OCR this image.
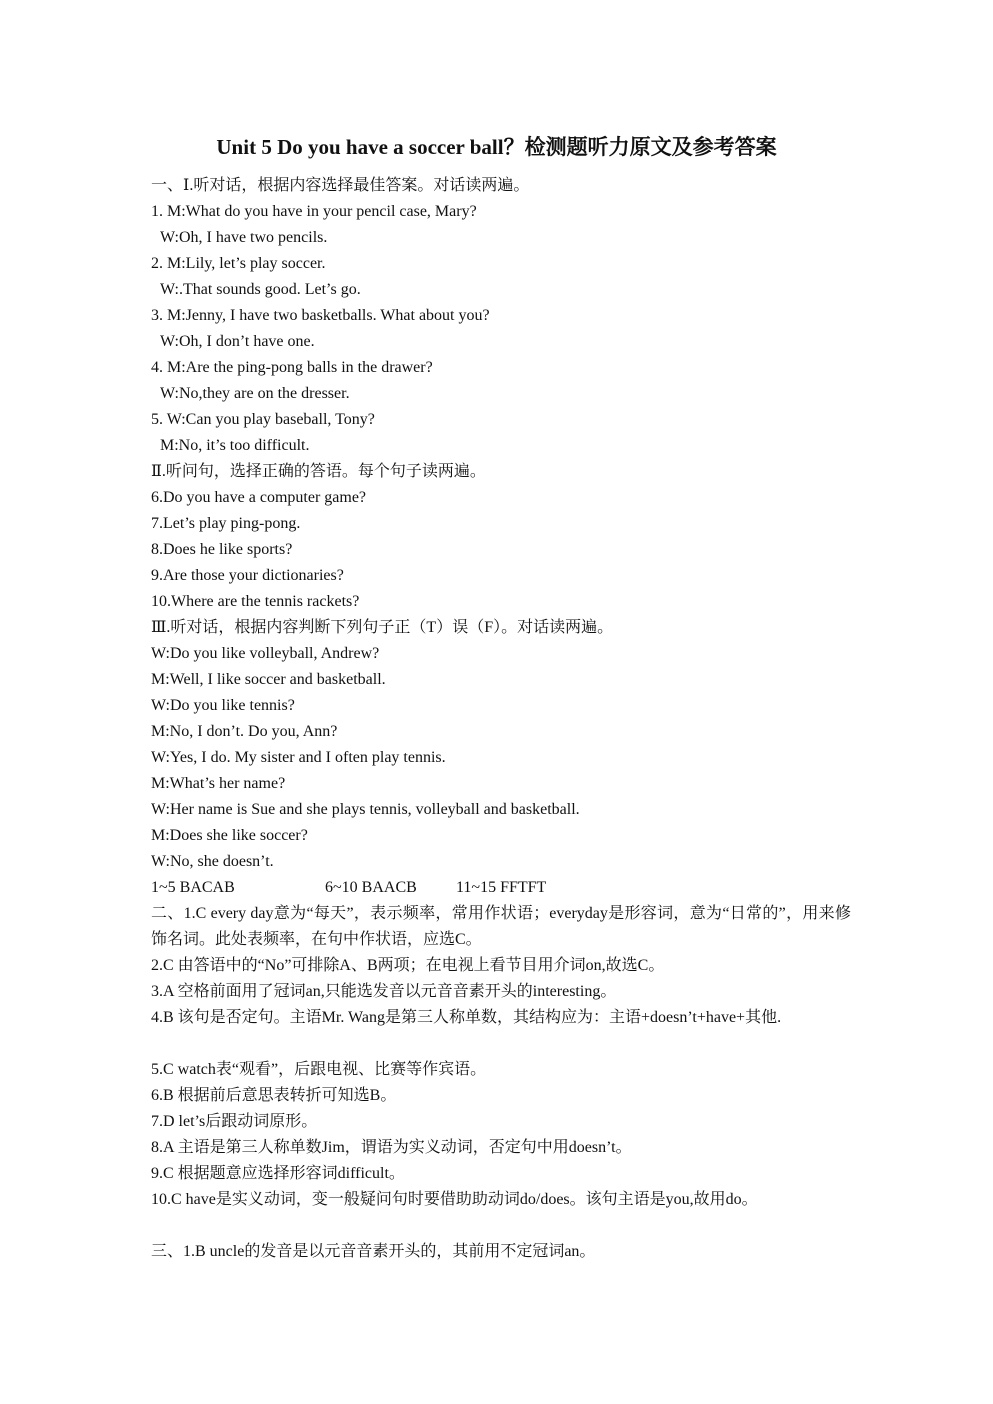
Unit 5 Do you have a soccer ball？检测题听力原文及参考答案
一、Ⅰ.听对话，根据内容选择最佳答案。对话读两遍。
1. M:What do you have in your pencil case, Mary?
W:Oh, I have two pencils.
2. M:Lily, let’s play soccer.
W:.That sounds good. Let’s go.
3. M:Jenny, I have two basketballs. What about you?
W:Oh, I don’t have one.
4. M:Are the ping-pong balls in the drawer?
W:No,they are on the dresser.
5. W:Can you play baseball, Tony?
M:No, it’s too difficult.
Ⅱ.听问句，选择正确的答语。每个句子读两遍。
6.Do you have a computer game?
7.Let’s play ping-pong.
8.Does he like sports?
9.Are those your dictionaries?
10.Where are the tennis rackets?
Ⅲ.听对话，根据内容判断下列句子正（T）误（F）。对话读两遍。
W:Do you like volleyball, Andrew?
M:Well, I like soccer and basketball.
W:Do you like tennis?
M:No, I don’t. Do you, Ann?
W:Yes, I do. My sister and I often play tennis.
M:What’s her name?
W:Her name is Sue and she plays tennis, volleyball and basketball.
M:Does she like soccer?
W:No, she doesn’t.
1~5 BACAB	6~10 BAACB 11~15 FFTFT
二、1.C every day意为“每天”，表示频率，常用作状语；everyday是形容词，意为“日常的”，用来修饰名词。此处表频率，在句中作状语，应选C。
2.C 由答语中的“No”可排除A、B两项；在电视上看节目用介词on,故选C。
3.A 空格前面用了冠词an,只能选发音以元音音素开头的interesting。
4.B 该句是否定句。主语Mr. Wang是第三人称单数，其结构应为：主语+doesn’t+have+其他.
5.C watch表“观看”，后跟电视、比赛等作宾语。
6.B 根据前后意思表转折可知选B。
7.D let’s后跟动词原形。
8.A 主语是第三人称单数Jim，谓语为实义动词，否定句中用doesn’t。
9.C 根据题意应选择形容词difficult。
10.C have是实义动词，变一般疑问句时要借助助动词do/does。该句主语是you,故用do。
三、1.B uncle的发音是以元音音素开头的，其前用不定冠词an。
